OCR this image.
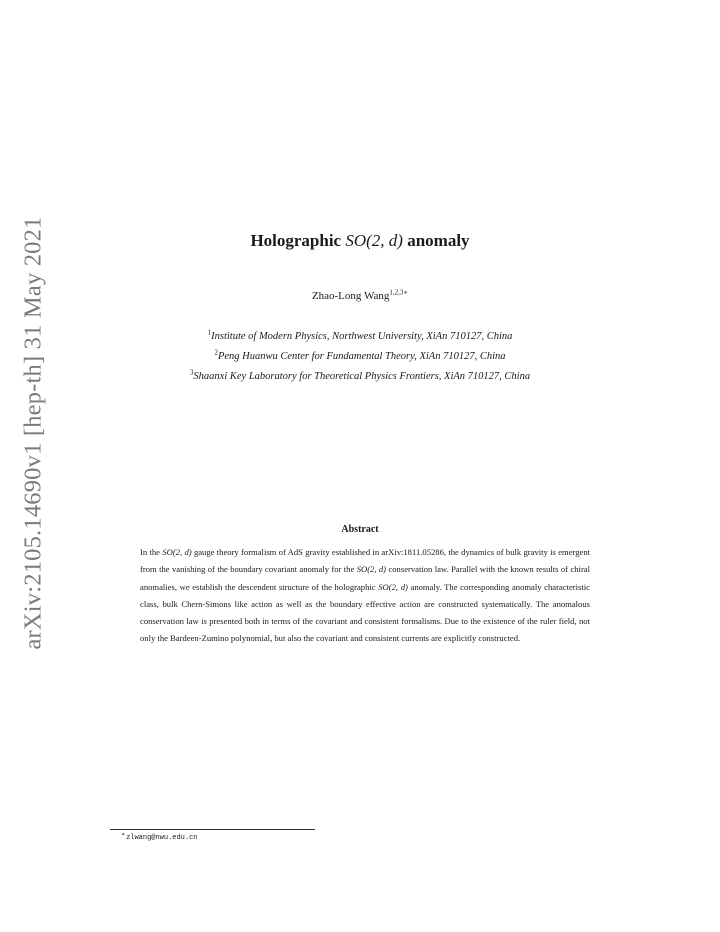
arXiv:2105.14690v1 [hep-th] 31 May 2021	Holographic SO(2, d) anomaly
Zhao-Long Wang$^{1,2,3∗}$
$^1$Institute of Modern Physics, Northwest University, XiAn 710127, China
$^2$Peng Huanwu Center for Fundamental Theory, XiAn 710127, China
$^3$Shaanxi Key Laboratory for Theoretical Physics Frontiers, XiAn 710127, China
Abstract
In the SO(2, d) gauge theory formalism of AdS gravity established in arXiv:1811.05286, the dynamics of bulk gravity is emergent from the vanishing of the boundary covariant anomaly for the SO(2, d) conservation law. Parallel with the known results of chiral anomalies, we establish the descendent structure of the holographic SO(2, d) anomaly. The corresponding anomaly characteristic class, bulk Chern-Simons like action as well as the boundary effective action are constructed systematically. The anomalous conservation law is presented both in terms of the covariant and consistent formalisms. Due to the existence of the ruler field, not only the Bardeen-Zumino polynomial, but also the covariant and consistent currents are explicitly constructed.
∗zlwang@nwu.edu.cn
